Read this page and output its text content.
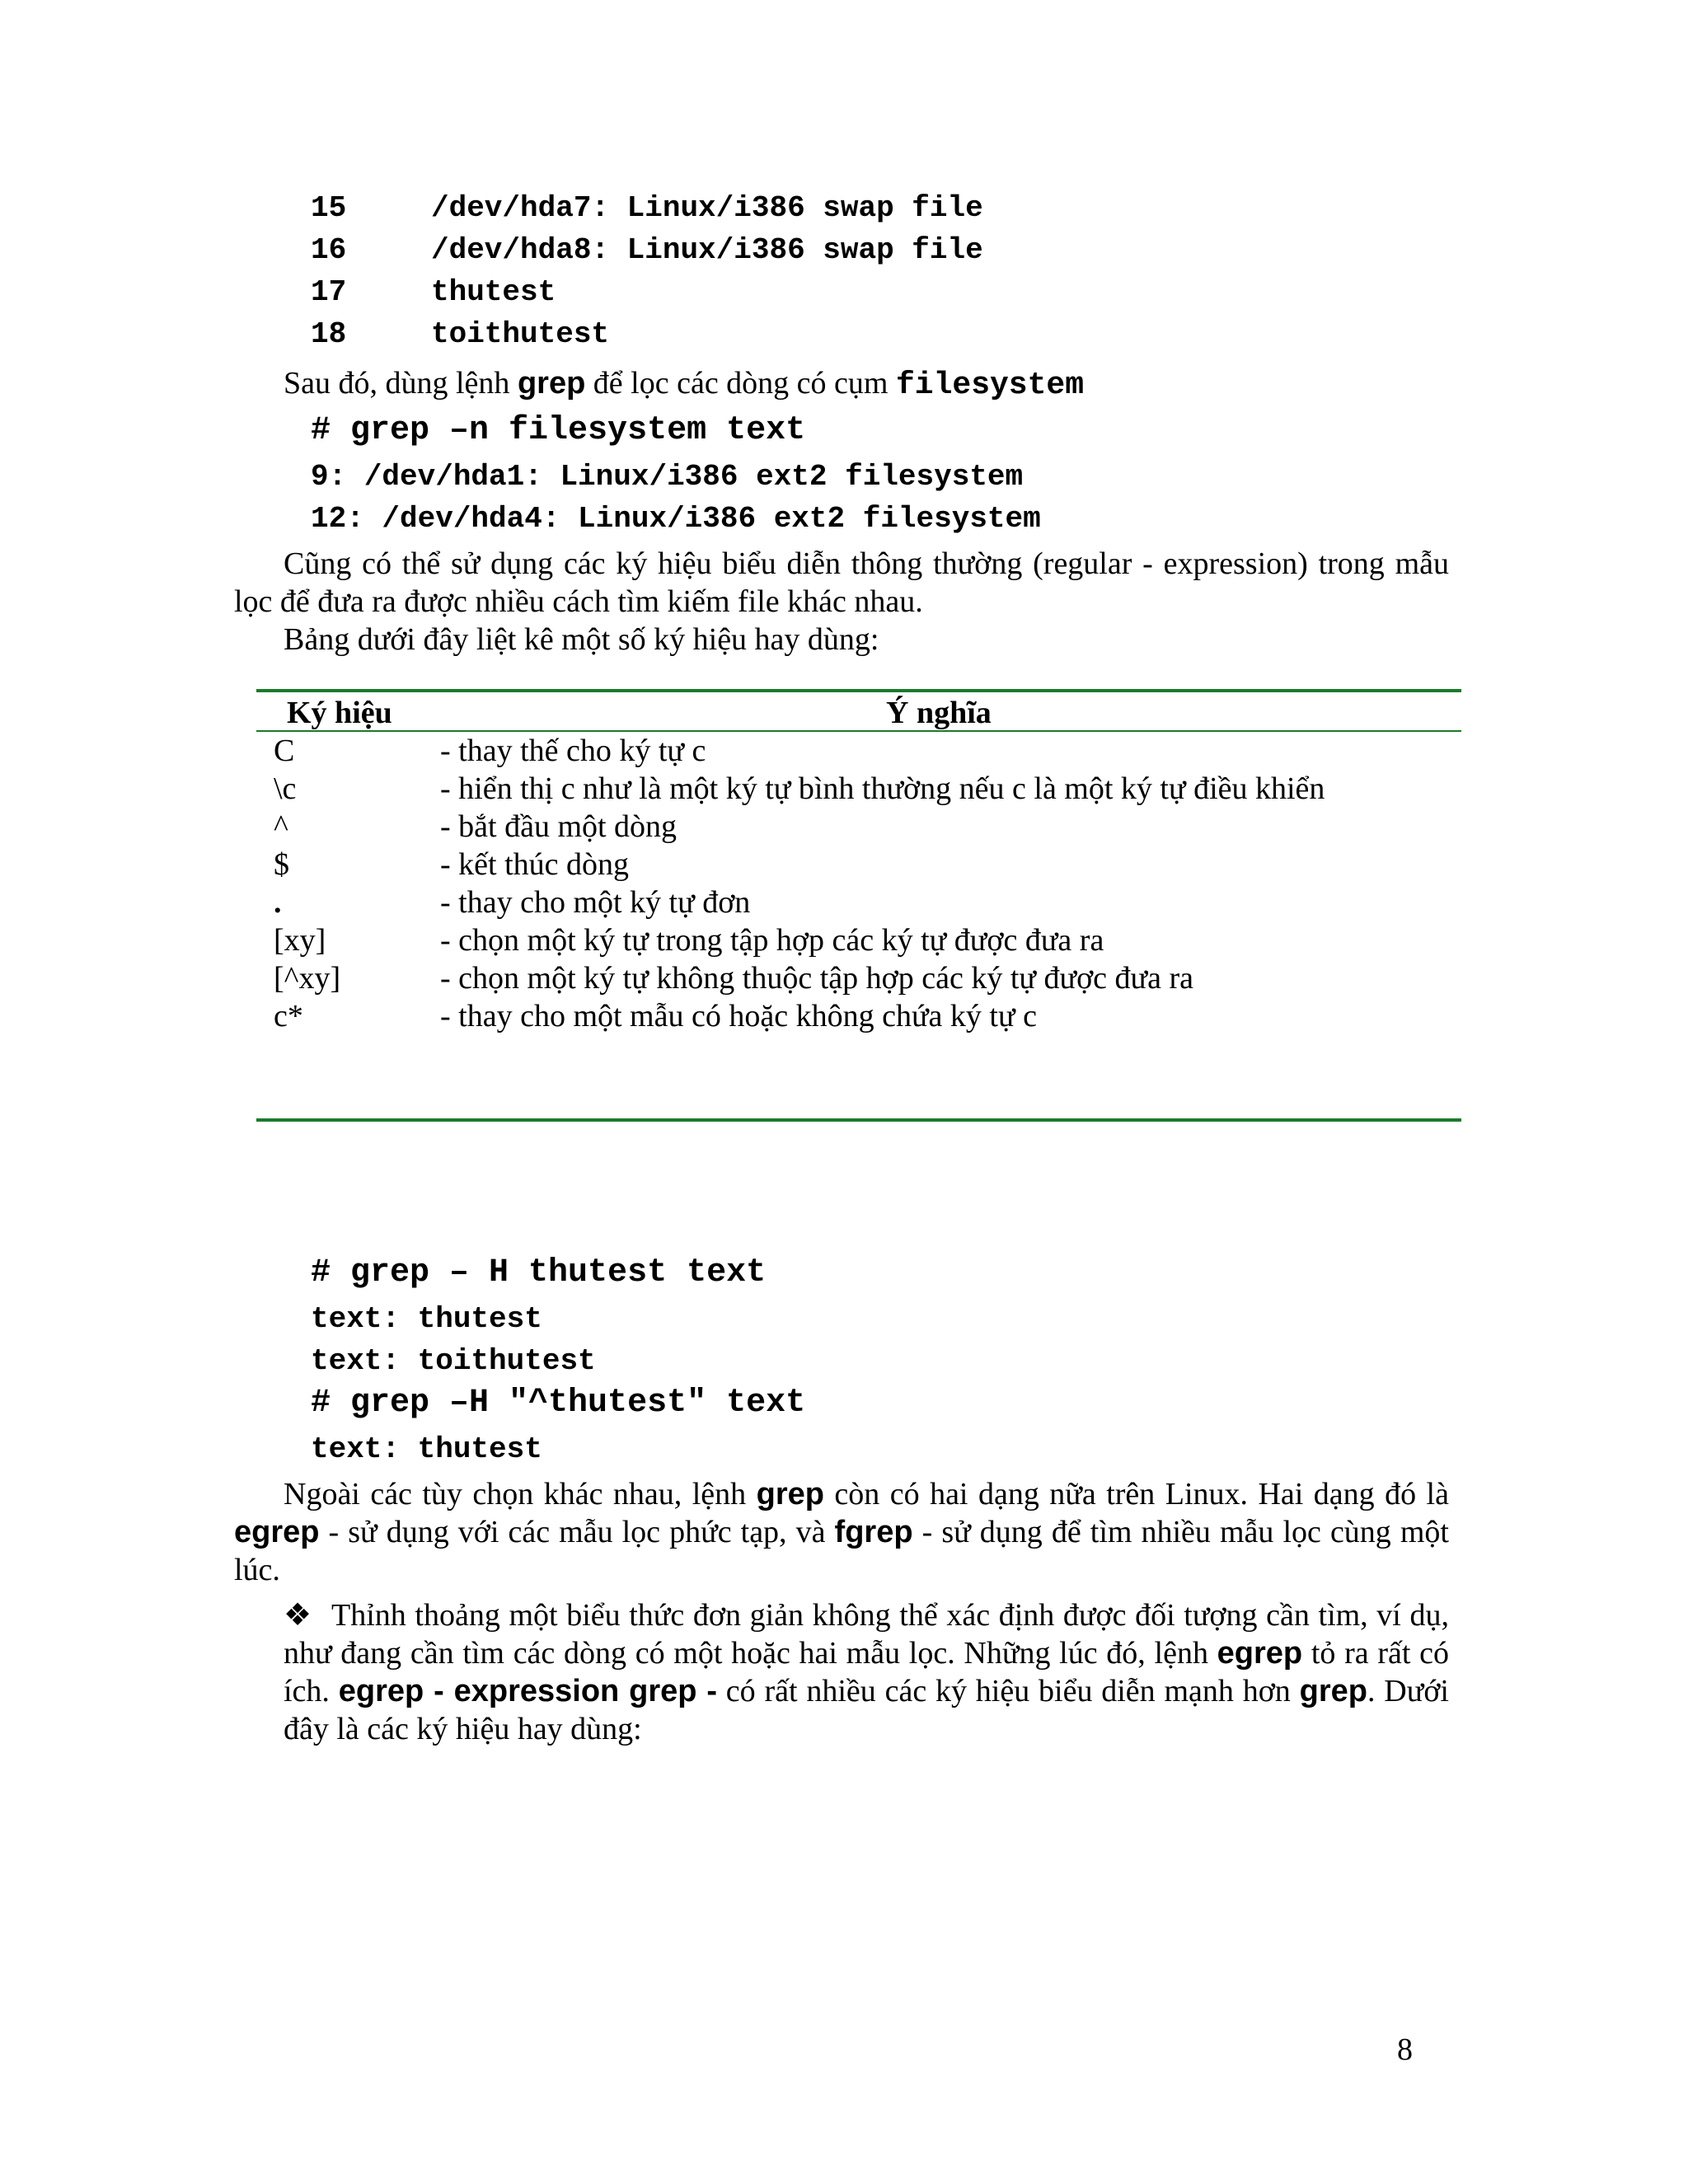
15	/dev/hda7: Linux/i386 swap file
16	/dev/hda8: Linux/i386 swap file
17	thutest
18	toithutest
Sau đó, dùng lệnh grep để lọc các dòng có cụm filesystem
# grep –n filesystem text
9: /dev/hda1: Linux/i386 ext2 filesystem
12: /dev/hda4: Linux/i386 ext2 filesystem
Cũng có thể sử dụng các ký hiệu biểu diễn thông thường (regular - expression) trong mẫu lọc để đưa ra được nhiều cách tìm kiếm file khác nhau.
Bảng dưới đây liệt kê một số ký hiệu hay dùng:
Ký hiệu	Ý nghĩa
C	- thay thế cho ký tự c
\c	- hiển thị c như là một ký tự bình thường nếu c là một ký tự điều khiển
^	- bắt đầu một dòng
$	- kết thúc dòng
.	- thay cho một ký tự đơn
[xy]	- chọn một ký tự trong tập hợp các ký tự được đưa ra
[^xy]	- chọn một ký tự không thuộc tập hợp các ký tự được đưa ra
c*	- thay cho một mẫu có hoặc không chứa ký tự c
# grep – H thutest text
text: thutest
text: toithutest
# grep –H "^thutest" text
text: thutest
Ngoài các tùy chọn khác nhau, lệnh grep còn có hai dạng nữa trên Linux. Hai dạng đó là egrep - sử dụng với các mẫu lọc phức tạp, và fgrep - sử dụng để tìm nhiều mẫu lọc cùng một lúc.
❖ Thỉnh thoảng một biểu thức đơn giản không thể xác định được đối tượng cần tìm, ví dụ, như đang cần tìm các dòng có một hoặc hai mẫu lọc. Những lúc đó, lệnh egrep tỏ ra rất có ích. egrep - expression grep - có rất nhiều các ký hiệu biểu diễn mạnh hơn grep. Dưới đây là các ký hiệu hay dùng:
8
